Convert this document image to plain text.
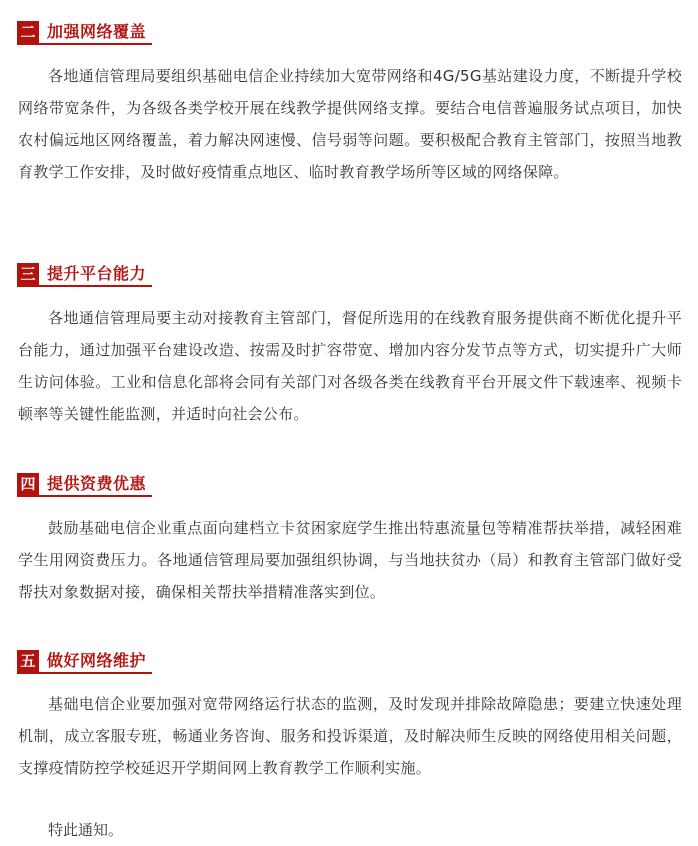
二 加强网络覆盖

各地通信管理局要组织基础电信企业持续加大宽带网络和4G/5G基站建设力度，不断提升学校网络带宽条件，为各级各类学校开展在线教学提供网络支撑。要结合电信普遍服务试点项目，加快农村偏远地区网络覆盖，着力解决网速慢、信号弱等问题。要积极配合教育主管部门，按照当地教育教学工作安排，及时做好疫情重点地区、临时教育教学场所等区域的网络保障。

三 提升平台能力

各地通信管理局要主动对接教育主管部门，督促所选用的在线教育服务提供商不断优化提升平台能力，通过加强平台建设改造、按需及时扩容带宽、增加内容分发节点等方式，切实提升广大师生访问体验。工业和信息化部将会同有关部门对各级各类在线教育平台开展文件下载速率、视频卡顿率等关键性能监测，并适时向社会公布。

四 提供资费优惠

鼓励基础电信企业重点面向建档立卡贫困家庭学生推出特惠流量包等精准帮扶举措，减轻困难学生用网资费压力。各地通信管理局要加强组织协调，与当地扶贫办（局）和教育主管部门做好受帮扶对象数据对接，确保相关帮扶举措精准落实到位。

五 做好网络维护

基础电信企业要加强对宽带网络运行状态的监测，及时发现并排除故障隐患；要建立快速处理机制，成立客服专班，畅通业务咨询、服务和投诉渠道，及时解决师生反映的网络使用相关问题，支撑疫情防控学校延迟开学期间网上教育教学工作顺利实施。

特此通知。
